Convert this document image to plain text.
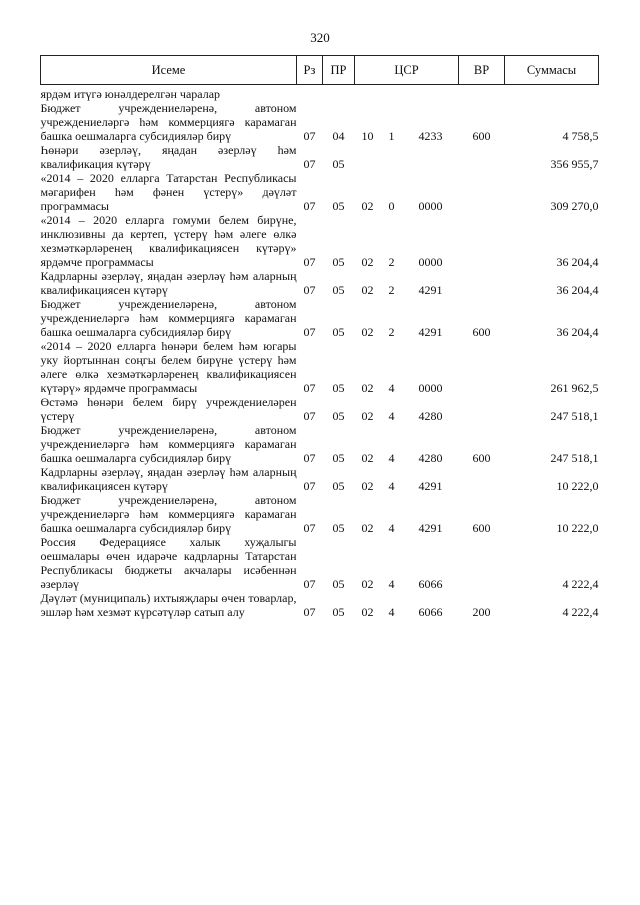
320
Исеме	Рз	ПР	ЦСР			ВР	Суммасы
ярдәм итүгә юнәлдерелгән чаралар							
Бюджет учреждениеләренә, автоном учреждениеләргә һәм коммерциягә карамаган башка оешмаларга субсидияләр бирү	07	04	10	1	4233	600	4 758,5
Һөнәри әзерләү, яңадан әзерләү һәм квалификация күтәрү	07	05					356 955,7
«2014 – 2020 елларга Татарстан Республикасы мәгарифен һәм фәнен үстерү» дәүләт программасы	07	05	02	0	0000		309 270,0
«2014 – 2020 елларга гомуми белем бирүне, инклюзивны да кертеп, үстерү һәм әлеге өлкә хезмәткәрләренең квалификациясен күтәрү» ярдәмче программасы	07	05	02	2	0000		36 204,4
Кадрларны әзерләү, яңадан әзерләү һәм аларның квалификациясен күтәрү	07	05	02	2	4291		36 204,4
Бюджет учреждениеләренә, автоном учреждениеләргә һәм коммерциягә карамаган башка оешмаларга субсидияләр бирү	07	05	02	2	4291	600	36 204,4
«2014 – 2020 елларга һөнәри белем һәм югары уку йортыннан соңгы белем бирүне үстерү һәм әлеге өлкә хезмәткәрләренең квалификациясен күтәрү» ярдәмче программасы	07	05	02	4	0000		261 962,5
Өстәмә һөнәри белем бирү учреждениеләрен үстерү	07	05	02	4	4280		247 518,1
Бюджет учреждениеләренә, автоном учреждениеләргә һәм коммерциягә карамаган башка оешмаларга субсидияләр бирү	07	05	02	4	4280	600	247 518,1
Кадрларны әзерләү, яңадан әзерләү һәм аларның квалификациясен күтәрү	07	05	02	4	4291		10 222,0
Бюджет учреждениеләренә, автоном учреждениеләргә һәм коммерциягә карамаган башка оешмаларга субсидияләр бирү	07	05	02	4	4291	600	10 222,0
Россия Федерациясе халык хуҗалыгы оешмалары өчен идарәче кадрларны Татарстан Республикасы бюджеты акчалары исәбеннән әзерләү	07	05	02	4	6066		4 222,4
Дәүләт (муниципаль) ихтыяҗлары өчен товарлар, эшләр һәм хезмәт күрсәтүләр сатып алу	07	05	02	4	6066	200	4 222,4
